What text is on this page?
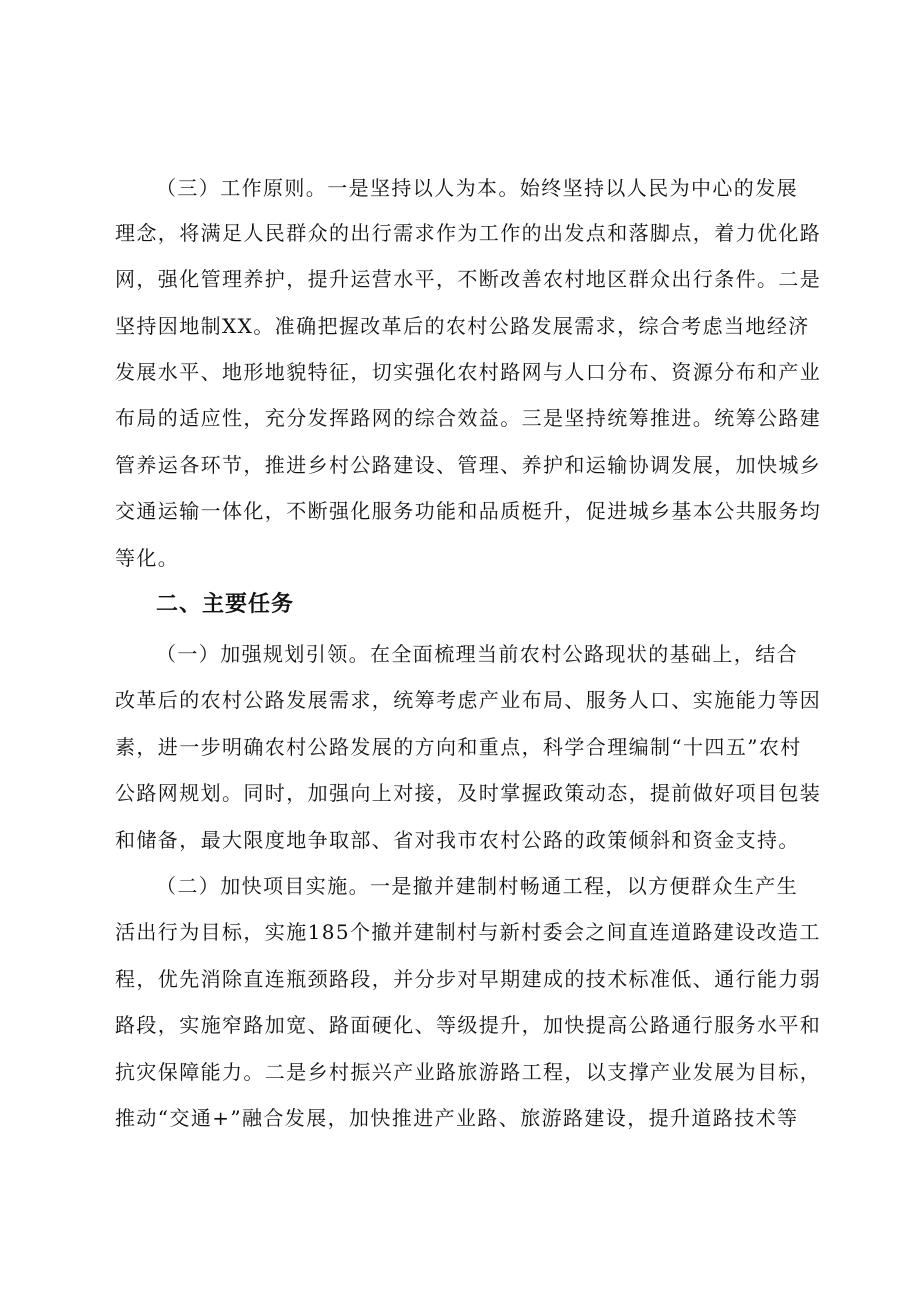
（三）工作原则。一是坚持以人为本。始终坚持以人民为中心的发展

理念，将满足人民群众的出行需求作为工作的出发点和落脚点，着力优化路

网，强化管理养护，提升运营水平，不断改善农村地区群众出行条件。二是

坚持因地制XX。准确把握改革后的农村公路发展需求，综合考虑当地经济

发展水平、地形地貌特征，切实强化农村路网与人口分布、资源分布和产业

布局的适应性，充分发挥路网的综合效益。三是坚持统筹推进。统筹公路建

管养运各环节，推进乡村公路建设、管理、养护和运输协调发展，加快城乡

交通运输一体化，不断强化服务功能和品质梃升，促进城乡基本公共服务均

等化。

二、主要任务

（一）加强规划引领。在全面梳理当前农村公路现状的基础上，结合

改革后的农村公路发展需求，统筹考虑产业布局、服务人口、实施能力等因

素，进一步明确农村公路发展的方向和重点，科学合理编制“十四五”农村

公路网规划。同时，加强向上对接，及时掌握政策动态，提前做好项目包装

和储备，最大限度地争取部、省对我市农村公路的政策倾斜和资金支持。

（二）加快项目实施。一是撤并建制村畅通工程，以方便群众生产生

活出行为目标，实施185个撤并建制村与新村委会之间直连道路建设改造工

程，优先消除直连瓶颈路段，并分步对早期建成的技术标准低、通行能力弱

路段，实施窄路加宽、路面硬化、等级提升，加快提高公路通行服务水平和

抗灾保障能力。二是乡村振兴产业路旅游路工程，以支撑产业发展为目标，

推动“交通+”融合发展，加快推进产业路、旅游路建设，提升道路技术等
